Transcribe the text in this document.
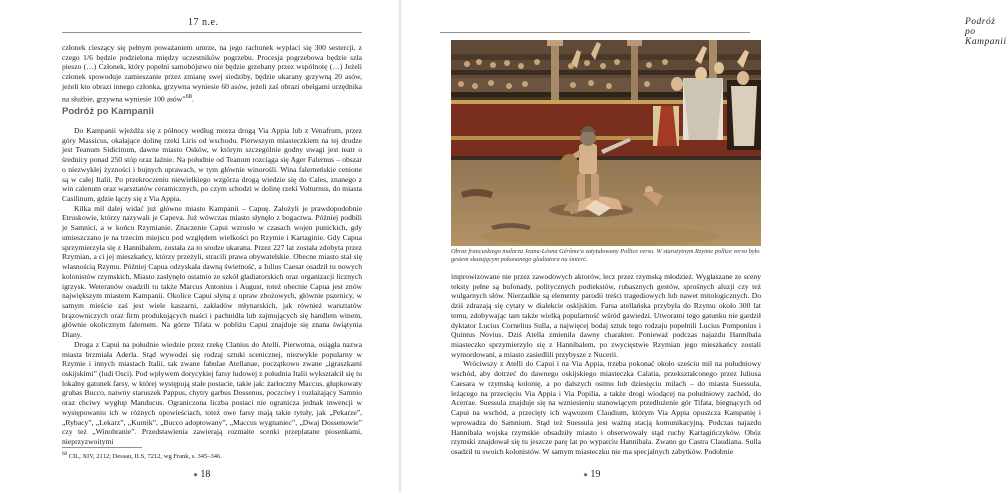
17 n.e.

członek cieszący się pełnym poważaniem umrze, na jego rachunek wypłaci się 300 sestercji, z czego 1/6 będzie podzielona między uczestników pogrzebu. Procesja pogrzebowa będzie szła pieszo (…) Członek, który popełni samobójstwo nie będzie grzebany przez wspólnotę (…) Jeżeli członek spowoduje zamieszanie przez zmianę swej siedziby, będzie ukarany grzywną 20 asów, jeżeli kto obrazi innego członka, grzywna wyniesie 60 asów, jeżeli zaś obrazi obelgami urzędnika na służbie, grzywna wyniesie 100 asów”$^{68}$.

Podróż po Kampanii

Do Kampanii wjeżdża się z północy według morza drogą Via Appia lub z Venafrum, przez góry Massicus, okalające dolinę rzeki Liris od wschodu. Pierwszym miasteczkiem na tej drudze jest Teanum Sidicinum, dawne miasto Osków, w którym szczególnie godny uwagi jest teatr o średnicy ponad 250 stóp oraz łaźnie. Na południe od Teanum rozciąga się Ager Falernus – obszar o niezwykłej żyzności i bujnych uprawach, w tym głównie winorośli. Wina falerneńskie cenione są w całej Italii. Po przekroczeniu niewielkiego wzgórza drogą wiedzie się do Cales, znanego z win calenum oraz warsztatów ceramicznych, po czym schodzi w dolinę rzeki Volturnus, do miasta Casilinum, gdzie łączy się z Via Appia.

Kilka mil dalej widać już główne miasto Kampanii – Capuę. Założyli je prawdopodobnie Etruskowie, którzy nazywali je Capeva. Już wówczas miasto słynęło z bogactwa. Później podbili je Samnici, a w końcu Rzymianie. Znaczenie Capui wzrosło w czasach wojen punickich, gdy umieszczano je na trzecim miejscu pod względem wielkości po Rzymie i Kartaginie. Gdy Capua sprzymierzyła się z Hannibalem, została za to srodze ukarana. Przez 227 lat została zdobyta przez Rzymian, a ci jej mieszkańcy, którzy przeżyli, stracili prawa obywatelskie. Obecne miasto stał się własnością Rzymu. Później Capua odzyskała dawną świetność, a Iulius Caesar osadził tu nowych kolonistów rzymskich. Miasto zasłynęło ostatnio ze szkół gladiatorskich oraz organizacji licznych igrzysk. Weteranów osadzili tu także Marcus Antonius i August, toteż obecnie Capua jest znów największym miastem Kampanii. Okolice Capui słyną z upraw zbożowych, głównie pszenicy, w samym mieście zaś jest wiele kaszarni, zakładów młynarskich, jak również warsztatów brązowniczych oraz firm produkujących maści i pachnidła lub zajmujących się handlem winem, głównie okolicznym falernem. Na górze Tifata w pobliżu Capui znajduje się znana świątynia Diany.

Droga z Capui na południe wiedzie przez rzekę Clanius do Atelli. Pierwotna, osiągła nazwa miasta brzmiała Aderla. Stąd wywodzi się rodzaj sztuki scenicznej, niezwykle popularny w Rzymie i innych miastach Italii, tak zwane fabulae Atellanae, początkowo zwane „igraszkami oskijskimi” (ludi Osci). Pod wpływem dorycykiej farsy ludowej z południa Italii wykształcił się tu lokalny gatunek farsy, w której występują stałe postacie, takie jak: żarłoczny Maccus, głupkowaty grubas Bucco, naiwny staruszek Pappus, chytry garbus Dossenus, poczciwy i rozłażający Samnio oraz chciwy wygłup Manducus. Ograniczona liczba postaci nie ogranicza jednak inwencji w występowaniu ich w różnych opowieściach, toteż owe farsy mają takie tytuły, jak „Pekarze”, „Rybacy”, „Lekarz”, „Kurnik”, „Bucco adoptowany”, „Maccus wygnaniec”, „Dwaj Dossenowie” czy też „Winobranie”. Przedstawienia zawierają rozmaite scenki przeplatane piosenkami, nieprzyzwoitymi

$^{68}$ CIL, XIV, 2112; Dessau, ILS, 7212, wg Frank, s. 345–346.
◆ 18
Podróż po Kampanii
Obraz francuskiego malarza Jeana-Léona Gérôme'a zatytułowany Pollice verso. W starożytnym Rzymie pollice verso było gestem skazującym pokonanego gladiatora na śmierć.

improwizowane nie przez zawodowych aktorów, lecz przez rzymską młodzież. Wygłaszane ze sceny teksty pełne są bufonady, politycznych podtekstów, rubasznych gestów, sprośnych aluzji czy też wulgarnych słów. Nierzadkie są elementy parodii treści tragediowych lub nawet mitologicznych. Do dziś zdrazają się cytaty w dialekcie oskijskim. Farsa atellańska przybyła do Rzymu około 300 lat temu, zdobywając tam także wielką popularność wśród gawiedzi. Utworami tego gatunku nie gardził dyktator Lucius Cornelius Sulla, a najwięcej bodaj sztuk tego rodzaju popełnili Lucius Pomponius i Quintus Novius. Dziś Atella zmieniła dawny charakter. Ponieważ podczas najazdu Hannibala miasteczko sprzymierzyło się z Hannibalem, po zwycięstwie Rzymian jego mieszkańcy zostali wymordowani, a miasto zasiedlili przybysze z Nucerii.

Wróciwszy z Atelli do Capui i na Via Appia, trzeba pokonać około sześciu mil na południowy wschód, aby dotrzeć do dawnego oskijskiego miasteczka Calatia, przekształconego przez Iuliusa Caesara w rzymską kolonię, a po dalszych osimu lub dziesięciu milach – do miasta Suessula, leżącego na przecięciu Via Appia i Via Popilia, a także drogi wiodącej na południowy zachód, do Acerrae. Suessula znajduje się na wzniesieniu stanowiącym przedłużenie gór Tifata, biegnących od Capui na wschód, a przecięty ich wąwozem Claudium, którym Via Appia opuszcza Kampanię i wprowadza do Samnium. Stąd też Suessula jest ważną stacją komunikacyjną. Podczas najazdu Hannibala wojska rzymskie obsadziły miasto i obserwowały stąd ruchy Kartagińczyków. Obóz rzymski znajdował się tu jeszcze parę lat po wyparciu Hannibala. Zwano go Castra Claudiana. Sulla osadził tu swoich kolonistów. W samym miasteczku nie ma specjalnych zabytków. Podobnie

◆ 19
